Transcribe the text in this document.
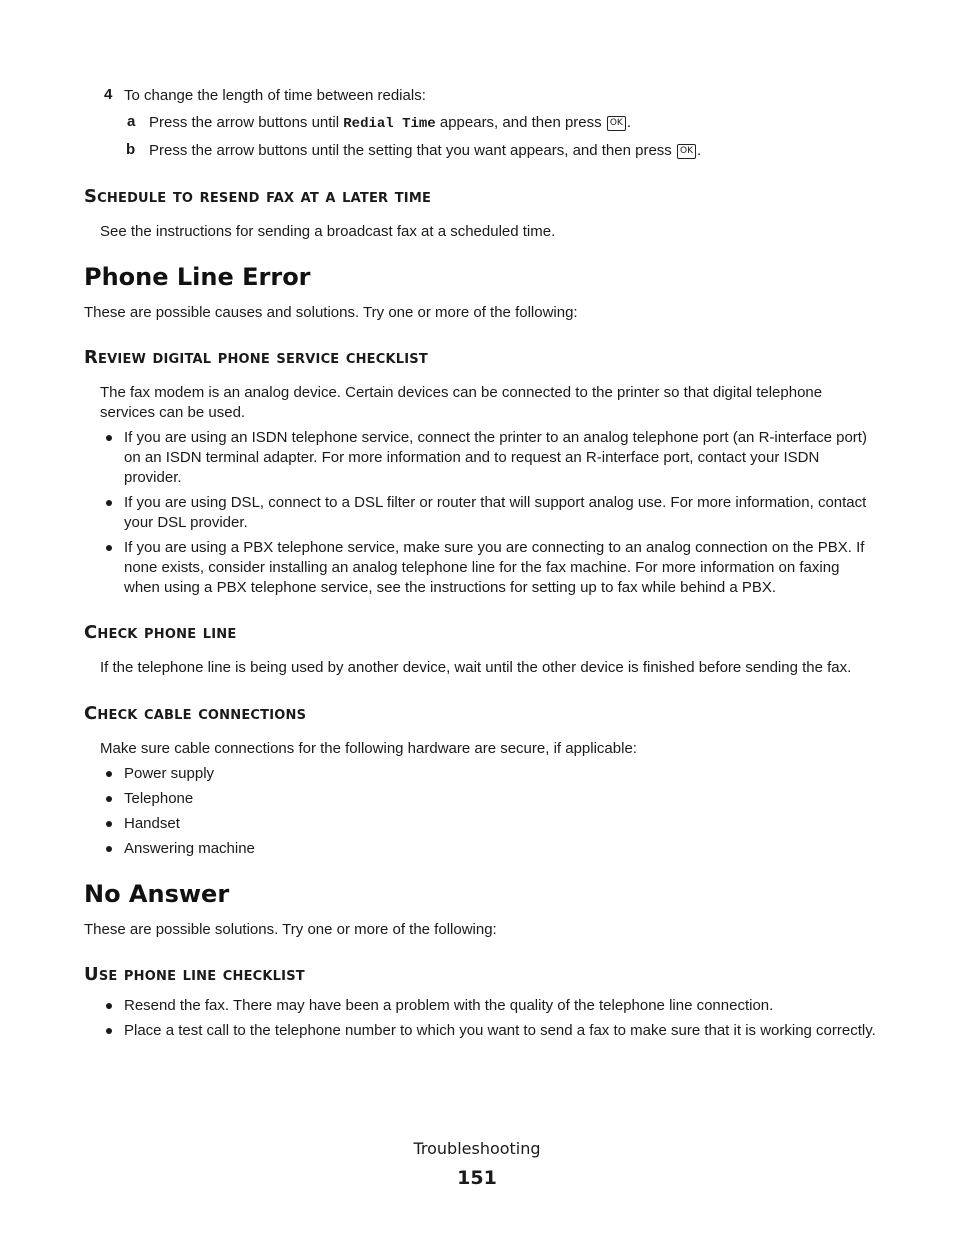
4 To change the length of time between redials:
a Press the arrow buttons until Redial Time appears, and then press OK .
b Press the arrow buttons until the setting that you want appears, and then press OK .
Schedule to resend fax at a later time
See the instructions for sending a broadcast fax at a scheduled time.
Phone Line Error
These are possible causes and solutions. Try one or more of the following:
Review digital phone service checklist
The fax modem is an analog device. Certain devices can be connected to the printer so that digital telephone services can be used.
If you are using an ISDN telephone service, connect the printer to an analog telephone port (an R-interface port) on an ISDN terminal adapter. For more information and to request an R-interface port, contact your ISDN provider.
If you are using DSL, connect to a DSL filter or router that will support analog use. For more information, contact your DSL provider.
If you are using a PBX telephone service, make sure you are connecting to an analog connection on the PBX. If none exists, consider installing an analog telephone line for the fax machine. For more information on faxing when using a PBX telephone service, see the instructions for setting up to fax while behind a PBX.
Check phone line
If the telephone line is being used by another device, wait until the other device is finished before sending the fax.
Check cable connections
Make sure cable connections for the following hardware are secure, if applicable:
Power supply
Telephone
Handset
Answering machine
No Answer
These are possible solutions. Try one or more of the following:
Use phone line checklist
Resend the fax. There may have been a problem with the quality of the telephone line connection.
Place a test call to the telephone number to which you want to send a fax to make sure that it is working correctly.
Troubleshooting
151
